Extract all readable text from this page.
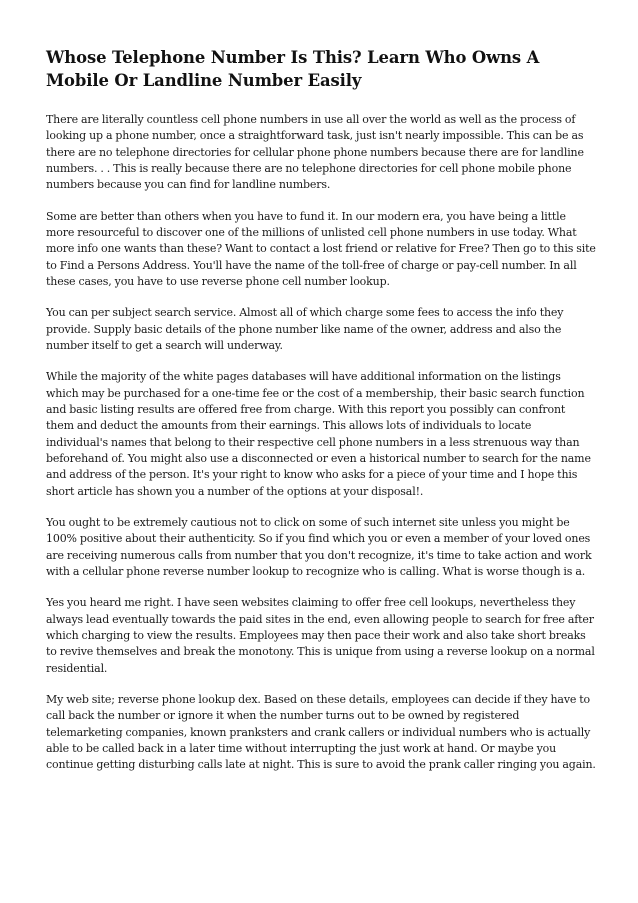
Whose Telephone Number Is This? Learn Who Owns A Mobile Or Landline Number Easily

There are literally countless cell phone numbers in use all over the world as well as the process of looking up a phone number, once a straightforward task, just isn't nearly impossible. This can be as there are no telephone directories for cellular phone phone numbers because there are for landline numbers. . . This is really because there are no telephone directories for cell phone mobile phone numbers because you can find for landline numbers.

Some are better than others when you have to fund it. In our modern era, you have being a little more resourceful to discover one of the millions of unlisted cell phone numbers in use today. What more info one wants than these? Want to contact a lost friend or relative for Free? Then go to this site to Find a Persons Address. You'll have the name of the toll-free of charge or pay-cell number. In all these cases, you have to use reverse phone cell number lookup.

You can per subject search service. Almost all of which charge some fees to access the info they provide. Supply basic details of the phone number like name of the owner, address and also the number itself to get a search will underway.

While the majority of the white pages databases will have additional information on the listings which may be purchased for a one-time fee or the cost of a membership, their basic search function and basic listing results are offered free from charge. With this report you possibly can confront them and deduct the amounts from their earnings. This allows lots of individuals to locate individual's names that belong to their respective cell phone numbers in a less strenuous way than beforehand of. You might also use a disconnected or even a historical number to search for the name and address of the person. It's your right to know who asks for a piece of your time and I hope this short article has shown you a number of the options at your disposal!.

You ought to be extremely cautious not to click on some of such internet site unless you might be 100% positive about their authenticity. So if you find which you or even a member of your loved ones are receiving numerous calls from number that you don't recognize, it's time to take action and work with a cellular phone reverse number lookup to recognize who is calling. What is worse though is a.

Yes you heard me right. I have seen websites claiming to offer free cell lookups, nevertheless they always lead eventually towards the paid sites in the end, even allowing people to search for free after which charging to view the results. Employees may then pace their work and also take short breaks to revive themselves and break the monotony. This is unique from using a reverse lookup on a normal residential.

My web site; reverse phone lookup dex. Based on these details, employees can decide if they have to call back the number or ignore it when the number turns out to be owned by registered telemarketing companies, known pranksters and crank callers or individual numbers who is actually able to be called back in a later time without interrupting the just work at hand. Or maybe you continue getting disturbing calls late at night. This is sure to avoid the prank caller ringing you again.
